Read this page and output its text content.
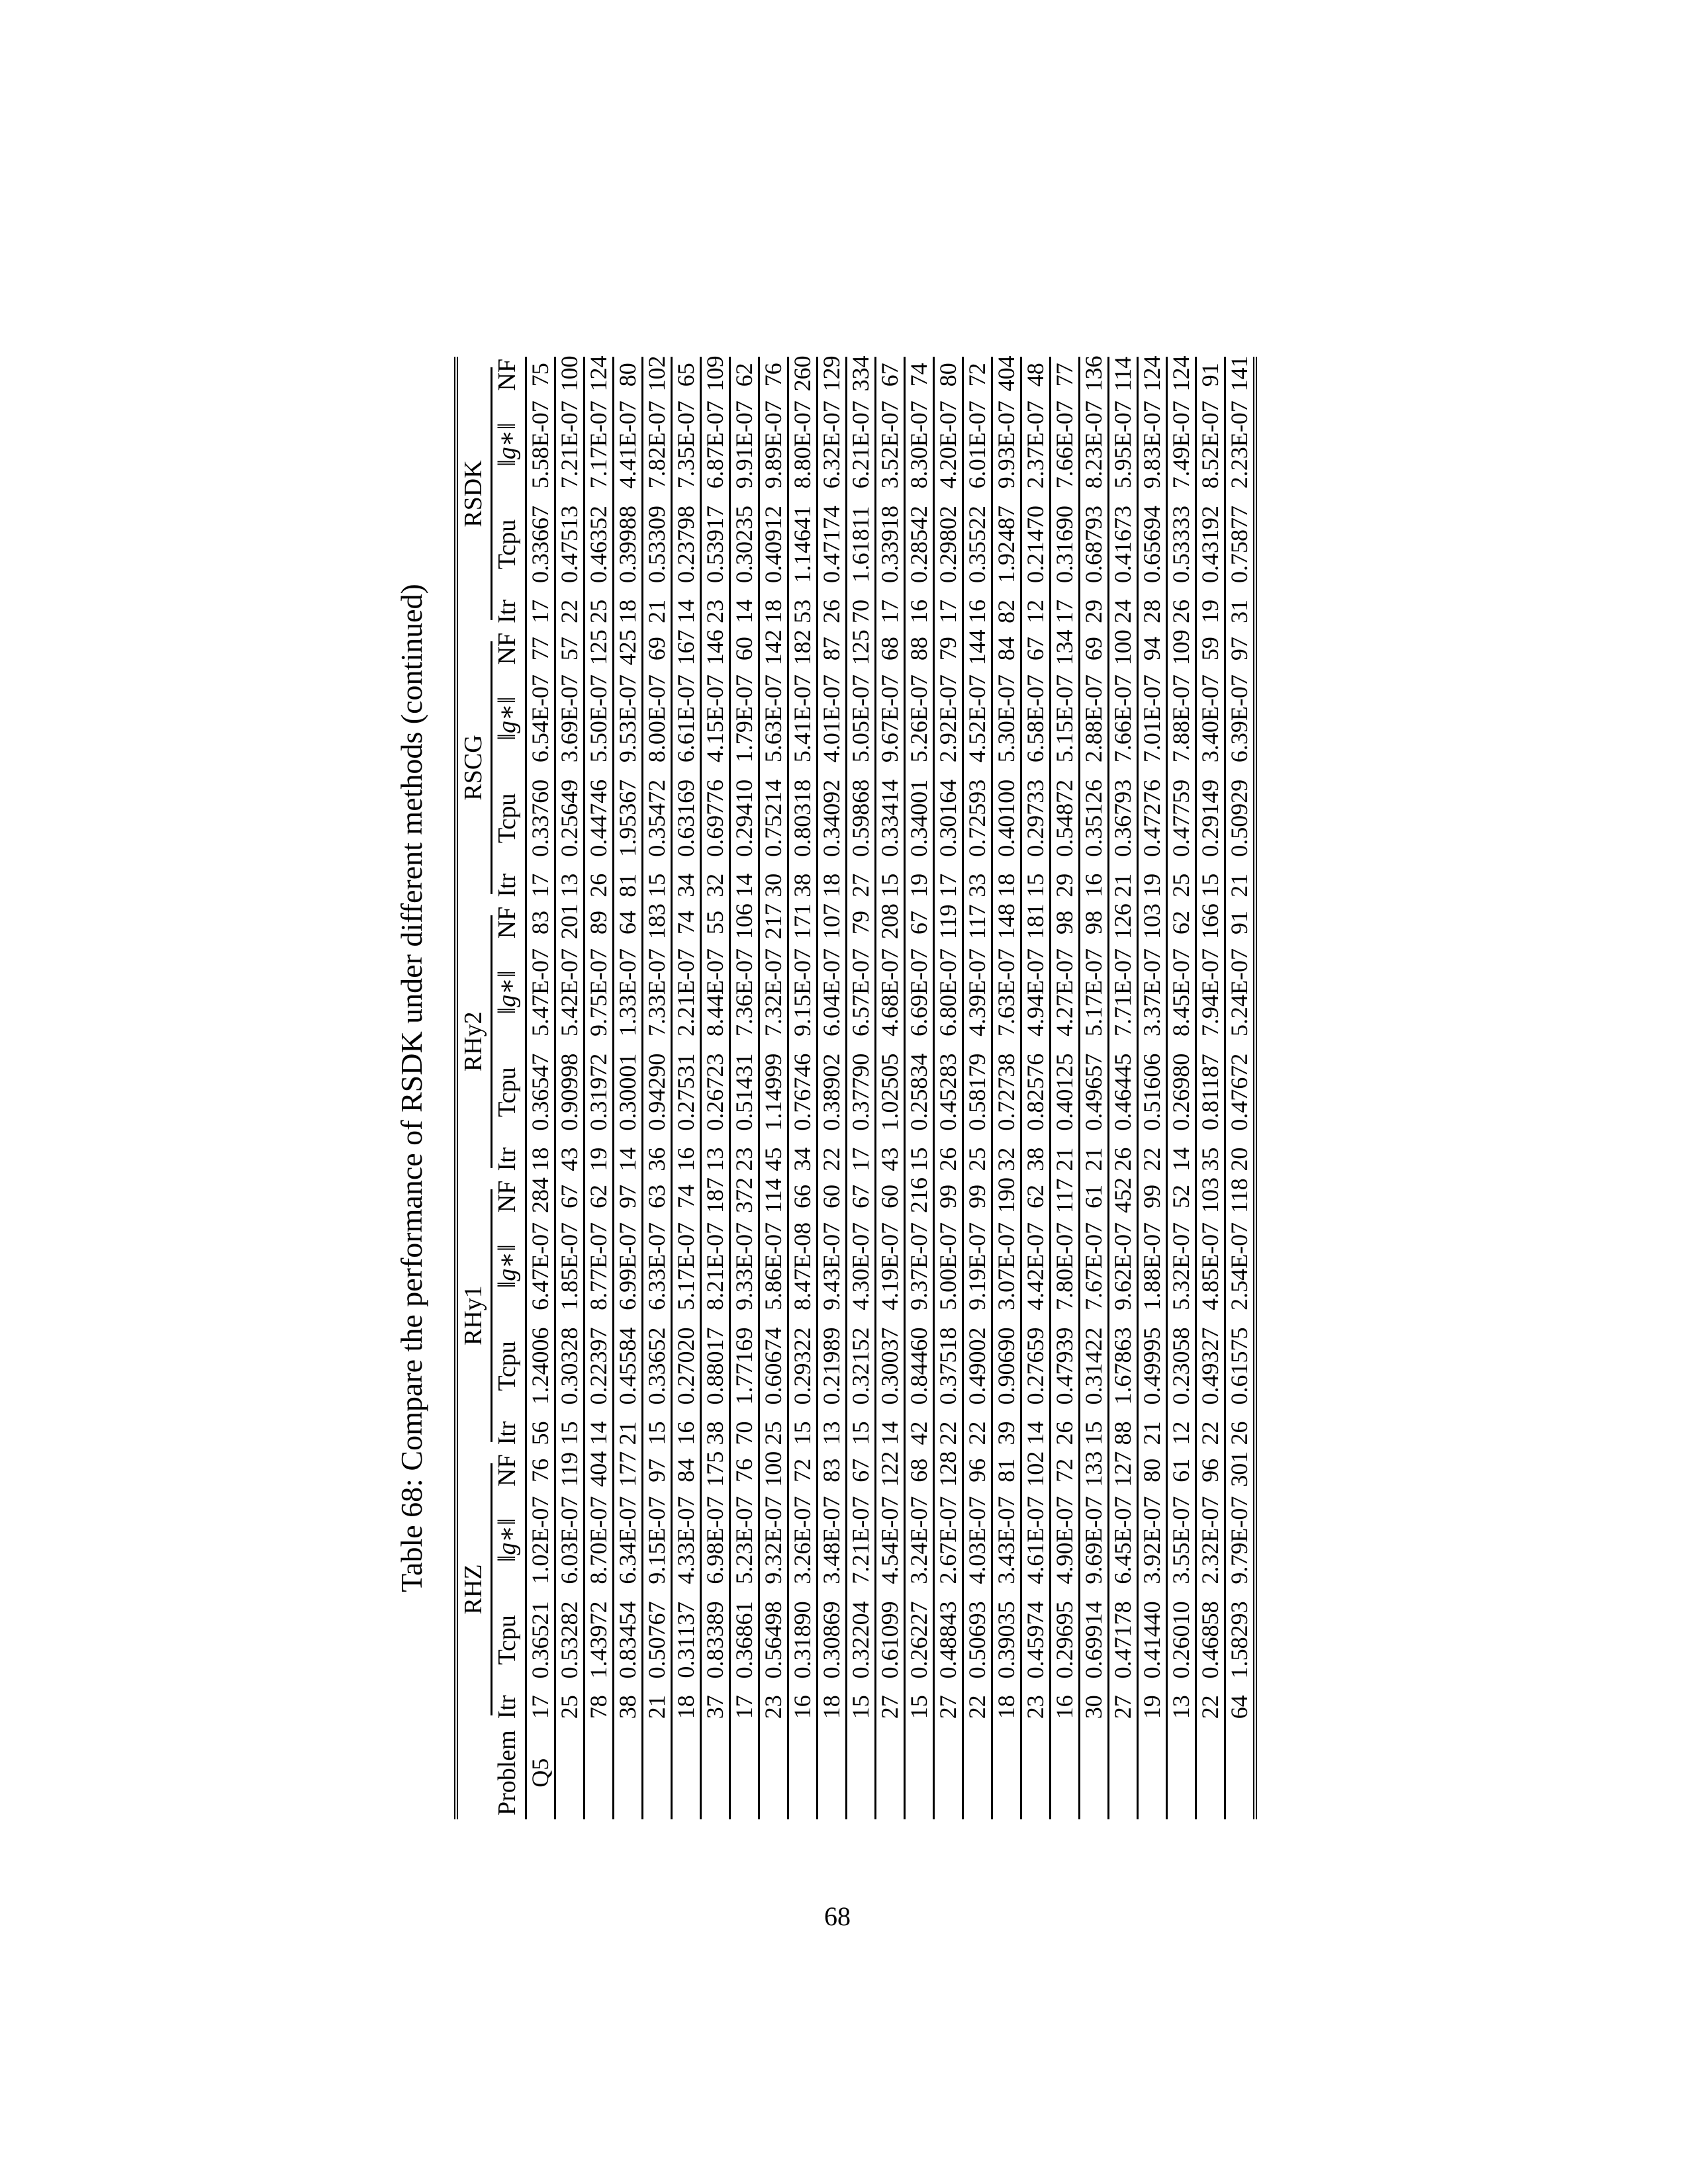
Table 68: Compare the performance of RSDK under different methods (continued)

	RHZ				RHy1				RHy2				RSCG				RSDK			

Problem	Itr	Tcpu	‖g∗‖	NF	Itr	Tcpu	‖g∗‖	NF	Itr	Tcpu	‖g∗‖	NF	Itr	Tcpu	‖g∗‖	NF	Itr	Tcpu	‖g∗‖	NF
Q5	17	0.36521	1.02E-07	76	56	1.24006	6.47E-07	284	18	0.36547	5.47E-07	83	17	0.33760	6.54E-07	77	17	0.33667	5.58E-07	75
	25	0.53282	6.03E-07	119	15	0.30328	1.85E-07	67	43	0.90998	5.42E-07	201	13	0.25649	3.69E-07	57	22	0.47513	7.21E-07	100
	78	1.43972	8.70E-07	404	14	0.22397	8.77E-07	62	19	0.31972	9.75E-07	89	26	0.44746	5.50E-07	125	25	0.46352	7.17E-07	124
	38	0.83454	6.34E-07	177	21	0.45584	6.99E-07	97	14	0.30001	1.33E-07	64	81	1.95367	9.53E-07	425	18	0.39988	4.41E-07	80
	21	0.50767	9.15E-07	97	15	0.33652	6.33E-07	63	36	0.94290	7.33E-07	183	15	0.35472	8.00E-07	69	21	0.53309	7.82E-07	102
	18	0.31137	4.33E-07	84	16	0.27020	5.17E-07	74	16	0.27531	2.21E-07	74	34	0.63169	6.61E-07	167	14	0.23798	7.35E-07	65
	37	0.83389	6.98E-07	175	38	0.88017	8.21E-07	187	13	0.26723	8.44E-07	55	32	0.69776	4.15E-07	146	23	0.53917	6.87E-07	109
	17	0.36861	5.23E-07	76	70	1.77169	9.33E-07	372	23	0.51431	7.36E-07	106	14	0.29410	1.79E-07	60	14	0.30235	9.91E-07	62
	23	0.56498	9.32E-07	100	25	0.60674	5.86E-07	114	45	1.14999	7.32E-07	217	30	0.75214	5.63E-07	142	18	0.40912	9.89E-07	76
	16	0.31890	3.26E-07	72	15	0.29322	8.47E-08	66	34	0.76746	9.15E-07	171	38	0.80318	5.41E-07	182	53	1.14641	8.80E-07	260
	18	0.30869	3.48E-07	83	13	0.21989	9.43E-07	60	22	0.38902	6.04E-07	107	18	0.34092	4.01E-07	87	26	0.47174	6.32E-07	129
	15	0.32204	7.21E-07	67	15	0.32152	4.30E-07	67	17	0.37790	6.57E-07	79	27	0.59868	5.05E-07	125	70	1.61811	6.21E-07	334
	27	0.61099	4.54E-07	122	14	0.30037	4.19E-07	60	43	1.02505	4.68E-07	208	15	0.33414	9.67E-07	68	17	0.33918	3.52E-07	67
	15	0.26227	3.24E-07	68	42	0.84460	9.37E-07	216	15	0.25834	6.69E-07	67	19	0.34001	5.26E-07	88	16	0.28542	8.30E-07	74
	27	0.48843	2.67E-07	128	22	0.37518	5.00E-07	99	26	0.45283	6.80E-07	119	17	0.30164	2.92E-07	79	17	0.29802	4.20E-07	80
	22	0.50693	4.03E-07	96	22	0.49002	9.19E-07	99	25	0.58179	4.39E-07	117	33	0.72593	4.52E-07	144	16	0.35522	6.01E-07	72
	18	0.39035	3.43E-07	81	39	0.90690	3.07E-07	190	32	0.72738	7.63E-07	148	18	0.40100	5.30E-07	84	82	1.92487	9.93E-07	404
	23	0.45974	4.61E-07	102	14	0.27659	4.42E-07	62	38	0.82576	4.94E-07	181	15	0.29733	6.58E-07	67	12	0.21470	2.37E-07	48
	16	0.29695	4.90E-07	72	26	0.47939	7.80E-07	117	21	0.40125	4.27E-07	98	29	0.54872	5.15E-07	134	17	0.31690	7.66E-07	77
	30	0.69914	9.69E-07	133	15	0.31422	7.67E-07	61	21	0.49657	5.17E-07	98	16	0.35126	2.88E-07	69	29	0.68793	8.23E-07	136
	27	0.47178	6.45E-07	127	88	1.67863	9.62E-07	452	26	0.46445	7.71E-07	126	21	0.36793	7.66E-07	100	24	0.41673	5.95E-07	114
	19	0.41440	3.92E-07	80	21	0.49995	1.88E-07	99	22	0.51606	3.37E-07	103	19	0.47276	7.01E-07	94	28	0.65694	9.83E-07	124
	13	0.26010	3.55E-07	61	12	0.23058	5.32E-07	52	14	0.26980	8.45E-07	62	25	0.47759	7.88E-07	109	26	0.53333	7.49E-07	124
	22	0.46858	2.32E-07	96	22	0.49327	4.85E-07	103	35	0.81187	7.94E-07	166	15	0.29149	3.40E-07	59	19	0.43192	8.52E-07	91
	64	1.58293	9.79E-07	301	26	0.61575	2.54E-07	118	20	0.47672	5.24E-07	91	21	0.50929	6.39E-07	97	31	0.75877	2.23E-07	141
68
